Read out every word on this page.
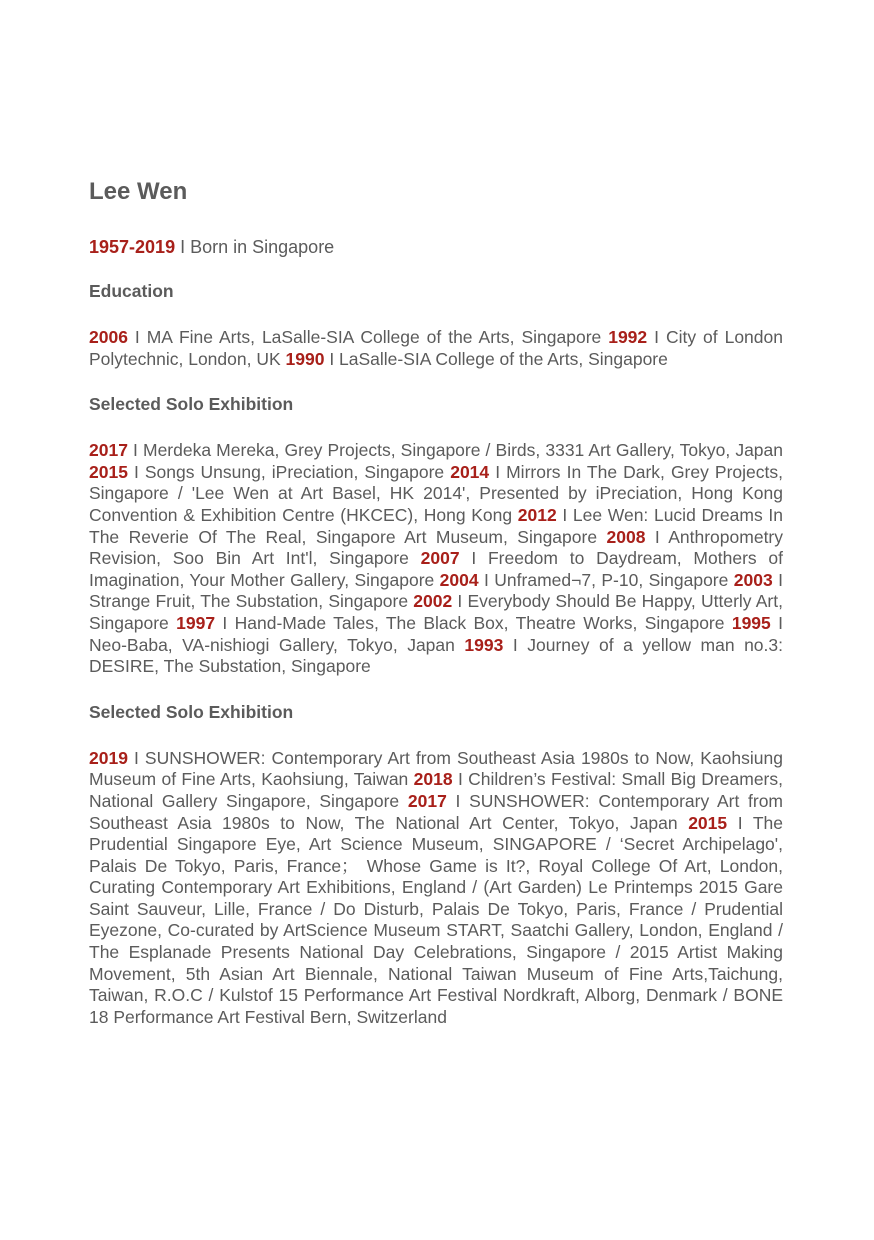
Lee Wen
1957-2019 I Born in Singapore
Education
2006 I MA Fine Arts, LaSalle-SIA College of the Arts, Singapore 1992 I City of London Polytechnic, London, UK 1990 I LaSalle-SIA College of the Arts, Singapore
Selected Solo Exhibition
2017 I Merdeka Mereka, Grey Projects, Singapore / Birds, 3331 Art Gallery, Tokyo, Japan 2015 I Songs Unsung, iPreciation, Singapore 2014 I Mirrors In The Dark, Grey Projects, Singapore / 'Lee Wen at Art Basel, HK 2014', Presented by iPreciation, Hong Kong Convention & Exhibition Centre (HKCEC), Hong Kong 2012 I Lee Wen: Lucid Dreams In The Reverie Of The Real, Singapore Art Museum, Singapore 2008 I Anthropometry Revision, Soo Bin Art Int'l, Singapore 2007 I Freedom to Daydream, Mothers of Imagination, Your Mother Gallery, Singapore 2004 I Unframed¬7, P-10, Singapore 2003 I Strange Fruit, The Substation, Singapore 2002 I Everybody Should Be Happy, Utterly Art, Singapore 1997 I Hand-Made Tales, The Black Box, Theatre Works, Singapore 1995 I Neo-Baba, VA-nishiogi Gallery, Tokyo, Japan 1993 I Journey of a yellow man no.3: DESIRE, The Substation, Singapore
Selected Solo Exhibition
2019 I SUNSHOWER: Contemporary Art from Southeast Asia 1980s to Now, Kaohsiung Museum of Fine Arts, Kaohsiung, Taiwan 2018 I Children’s Festival: Small Big Dreamers, National Gallery Singapore, Singapore 2017 I SUNSHOWER: Contemporary Art from Southeast Asia 1980s to Now, The National Art Center, Tokyo, Japan 2015 I The Prudential Singapore Eye, Art Science Museum, SINGAPORE / ‘Secret Archipelago', Palais De Tokyo, Paris, France； Whose Game is It?, Royal College Of Art, London, Curating Contemporary Art Exhibitions, England / (Art Garden) Le Printemps 2015 Gare Saint Sauveur, Lille, France / Do Disturb, Palais De Tokyo, Paris, France / Prudential Eyezone, Co-curated by ArtScience Museum START, Saatchi Gallery, London, England / The Esplanade Presents National Day Celebrations, Singapore / 2015 Artist Making Movement, 5th Asian Art Biennale, National Taiwan Museum of Fine Arts,Taichung, Taiwan, R.O.C / Kulstof 15 Performance Art Festival Nordkraft, Alborg, Denmark / BONE 18 Performance Art Festival Bern, Switzerland
